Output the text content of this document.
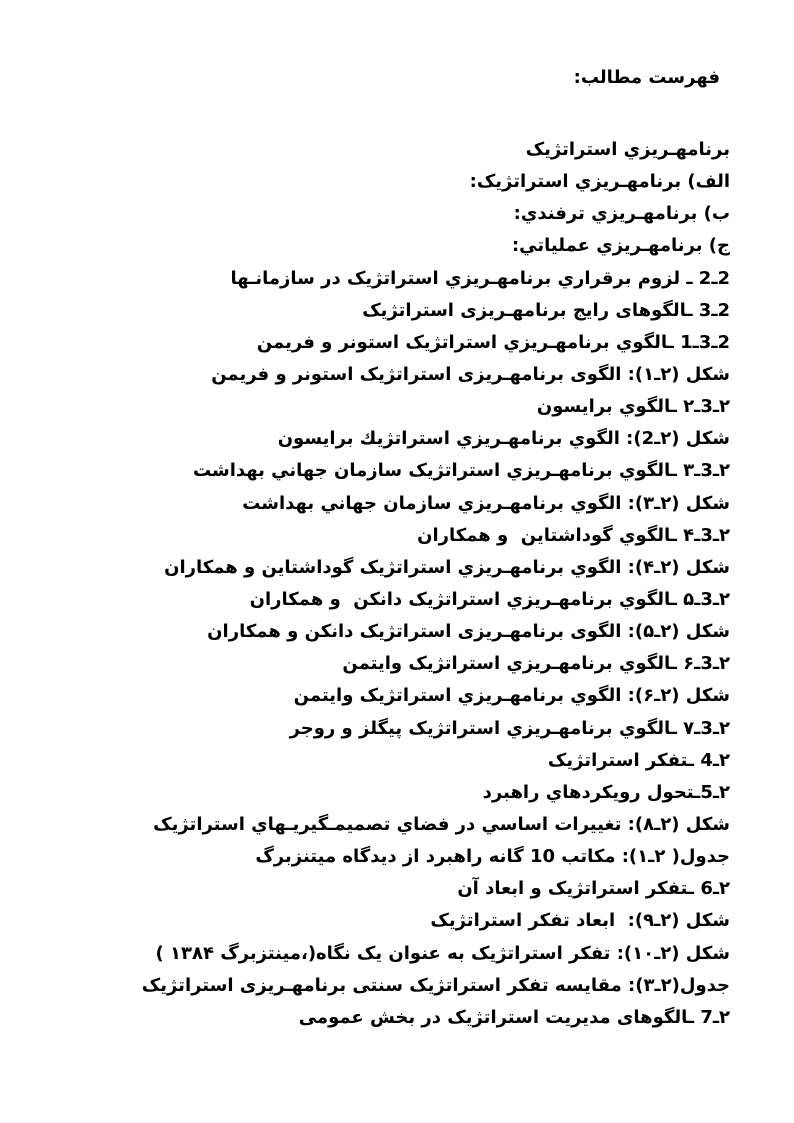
فهرست مطالب:
برنامهـريزي استراتژيک
الف) برنامهـريزي استراتژيک:
ب) برنامهـريزي ترفندي:
ج) برنامهـريزي عملياتي:
2ـ2 ـ لزوم برقراري برنامهـريزي استراتژيک در سازمانـها
2ـ3 ـالگوهای رايج برنامهـريزی استراتژيک
2ـ3ـ1 ـالگوي برنامهـريزي استراتژيک استونر و فريمن
شکل (۲ـ۱): الگوی برنامهـريزی استراتژيک استونر و فريمن
۲ـ3ـ۲ ـالگوي برايسون
شکل (۲ـ2): الگوي برنامهـريزي استراتژيك برايسون
۲ـ3ـ۳ ـالگوي برنامهـريزي استراتژيک سازمان جهاني بهداشت
شکل (۲ـ۳): الگوي برنامهـريزي سازمان جهاني بهداشت
۲ـ3ـ۴ ـالگوي گوداشتاين  و همکاران
شکل (۲ـ۴): الگوي برنامهـريزي استراتژيک گوداشتاين و همکاران
۲ـ3ـ۵ ـالگوي برنامهـريزي استراتژيک دانکن  و همکاران
شکل (۲ـ۵): الگوی برنامهـريزی استراتژيک دانکن و همکاران
۲ـ3ـ۶ ـالگوي برنامهـريزي استراتژيک وايتمن
شکل (۲ـ۶): الگوي برنامهـريزي استراتژيک وايتمن
۲ـ3ـ۷ ـالگوي برنامهـريزي استراتژيک پيگلز و روجر
۲ـ4 ـتفکر استراتژيک
۲ـ5ـتحول رويکردهاي راهبرد
شکل (۲ـ۸): تغييرات اساسي در فضاي تصميمـگيريـهاي استراتژيک
جدول( ۲ـ۱): مکاتب 10 گانه راهبرد از ديدگاه ميتنزبرگ
۲ـ6 ـتفکر استراتژيک و ابعاد آن
شکل (۲ـ۹):  ابعاد تفکر استراتژيک
شکل (۲ـ۱۰): تفکر استراتژيک به عنوان يک نگاه(،مينتزبرگ ۱۳۸۴ )
جدول(۲ـ۳): مقايسه تفکر استراتژيک سنتی برنامهـريزی استراتژيک
۲ـ7 ـالگوهای مديريت استراتژيک در بخش عمومی
